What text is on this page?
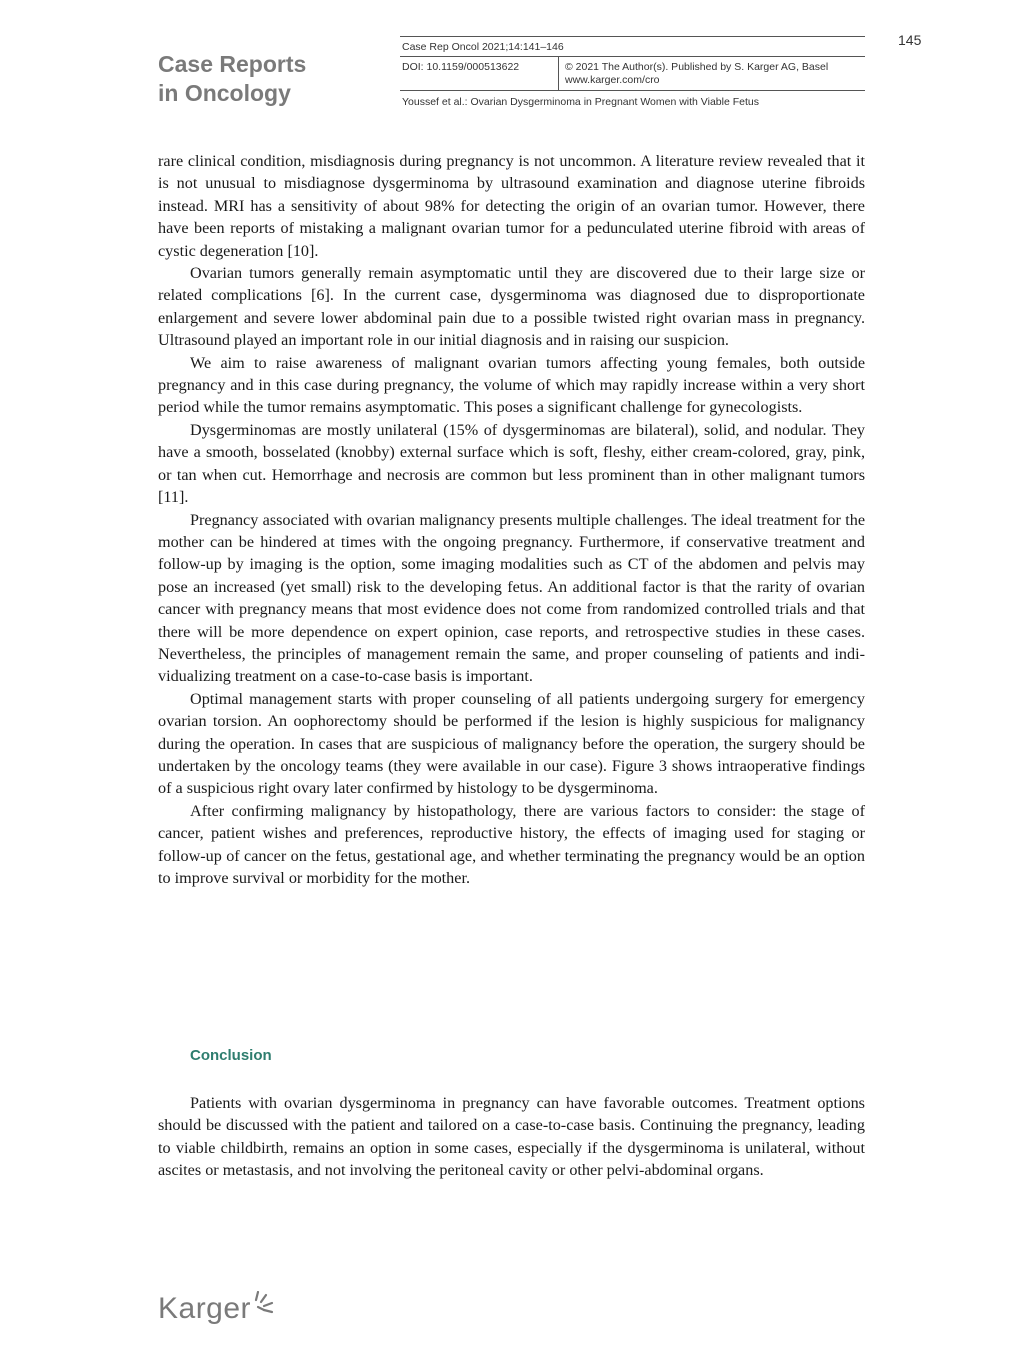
Case Reports
in Oncology
Case Rep Oncol 2021;14:141–146
DOI: 10.1159/000513622	© 2021 The Author(s). Published by S. Karger AG, Basel
www.karger.com/cro
Youssef et al.: Ovarian Dysgerminoma in Pregnant Women with Viable Fetus
145

rare clinical condition, misdiagnosis during pregnancy is not uncommon. A literature review revealed that it is not unusual to misdiagnose dysgerminoma by ultrasound examination and diagnose uterine fibroids instead. MRI has a sensitivity of about 98% for detecting the origin of an ovarian tumor. However, there have been reports of mistaking a malignant ovarian tumor for a pedunculated uterine fibroid with areas of cystic degeneration [10].

Ovarian tumors generally remain asymptomatic until they are discovered due to their large size or related complications [6]. In the current case, dysgerminoma was diagnosed due to disproportionate enlargement and severe lower abdominal pain due to a possible twisted right ovarian mass in pregnancy. Ultrasound played an important role in our initial diagnosis and in raising our suspicion.

We aim to raise awareness of malignant ovarian tumors affecting young females, both outside pregnancy and in this case during pregnancy, the volume of which may rapidly increase within a very short period while the tumor remains asymptomatic. This poses a significant challenge for gynecologists.

Dysgerminomas are mostly unilateral (15% of dysgerminomas are bilateral), solid, and nodular. They have a smooth, bosselated (knobby) external surface which is soft, fleshy, either cream-colored, gray, pink, or tan when cut. Hemorrhage and necrosis are common but less prominent than in other malignant tumors [11].

Pregnancy associated with ovarian malignancy presents multiple challenges. The ideal treatment for the mother can be hindered at times with the ongoing pregnancy. Furthermore, if conservative treatment and follow-up by imaging is the option, some imaging modalities such as CT of the abdomen and pelvis may pose an increased (yet small) risk to the developing fetus. An additional factor is that the rarity of ovarian cancer with pregnancy means that most evidence does not come from randomized controlled trials and that there will be more dependence on expert opinion, case reports, and retrospective studies in these cases. Nevertheless, the principles of management remain the same, and proper counseling of patients and individualizing treatment on a case-to-case basis is important.

Optimal management starts with proper counseling of all patients undergoing surgery for emergency ovarian torsion. An oophorectomy should be performed if the lesion is highly suspicious for malignancy during the operation. In cases that are suspicious of malignancy before the operation, the surgery should be undertaken by the oncology teams (they were available in our case). Figure 3 shows intraoperative findings of a suspicious right ovary later confirmed by histology to be dysgerminoma.

After confirming malignancy by histopathology, there are various factors to consider: the stage of cancer, patient wishes and preferences, reproductive history, the effects of imaging used for staging or follow-up of cancer on the fetus, gestational age, and whether terminating the pregnancy would be an option to improve survival or morbidity for the mother.

Conclusion

Patients with ovarian dysgerminoma in pregnancy can have favorable outcomes. Treatment options should be discussed with the patient and tailored on a case-to-case basis. Continuing the pregnancy, leading to viable childbirth, remains an option in some cases, especially if the dysgerminoma is unilateral, without ascites or metastasis, and not involving the peritoneal cavity or other pelvi-abdominal organs.

Karger
